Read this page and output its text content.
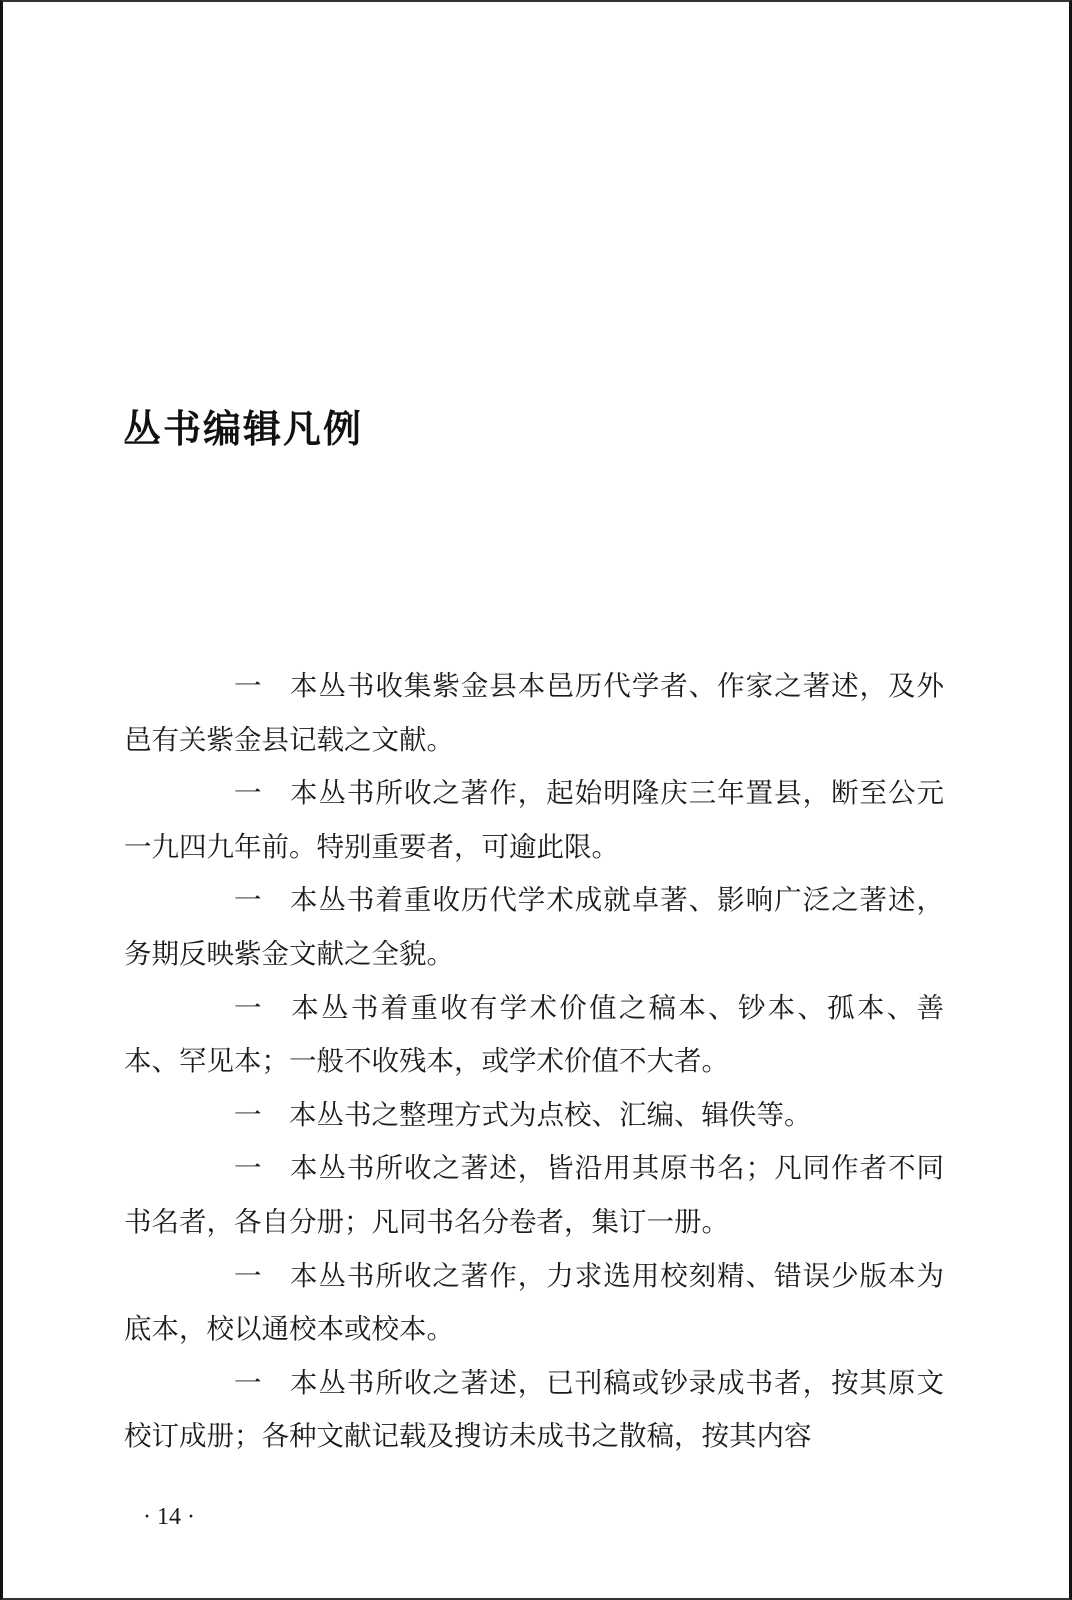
丛书编辑凡例

一 本丛书收集紫金县本邑历代学者、作家之著述，及外邑有关紫金县记载之文献。

一 本丛书所收之著作，起始明隆庆三年置县，断至公元一九四九年前。特别重要者，可逾此限。

一 本丛书着重收历代学术成就卓著、影响广泛之著述，务期反映紫金文献之全貌。

一 本丛书着重收有学术价值之稿本、钞本、孤本、善本、罕见本；一般不收残本，或学术价值不大者。

一 本丛书之整理方式为点校、汇编、辑佚等。

一 本丛书所收之著述，皆沿用其原书名；凡同作者不同书名者，各自分册；凡同书名分卷者，集订一册。

一 本丛书所收之著作，力求选用校刻精、错误少版本为底本，校以通校本或校本。

一 本丛书所收之著述，已刊稿或钞录成书者，按其原文校订成册；各种文献记载及搜访未成书之散稿，按其内容

· 14 ·
